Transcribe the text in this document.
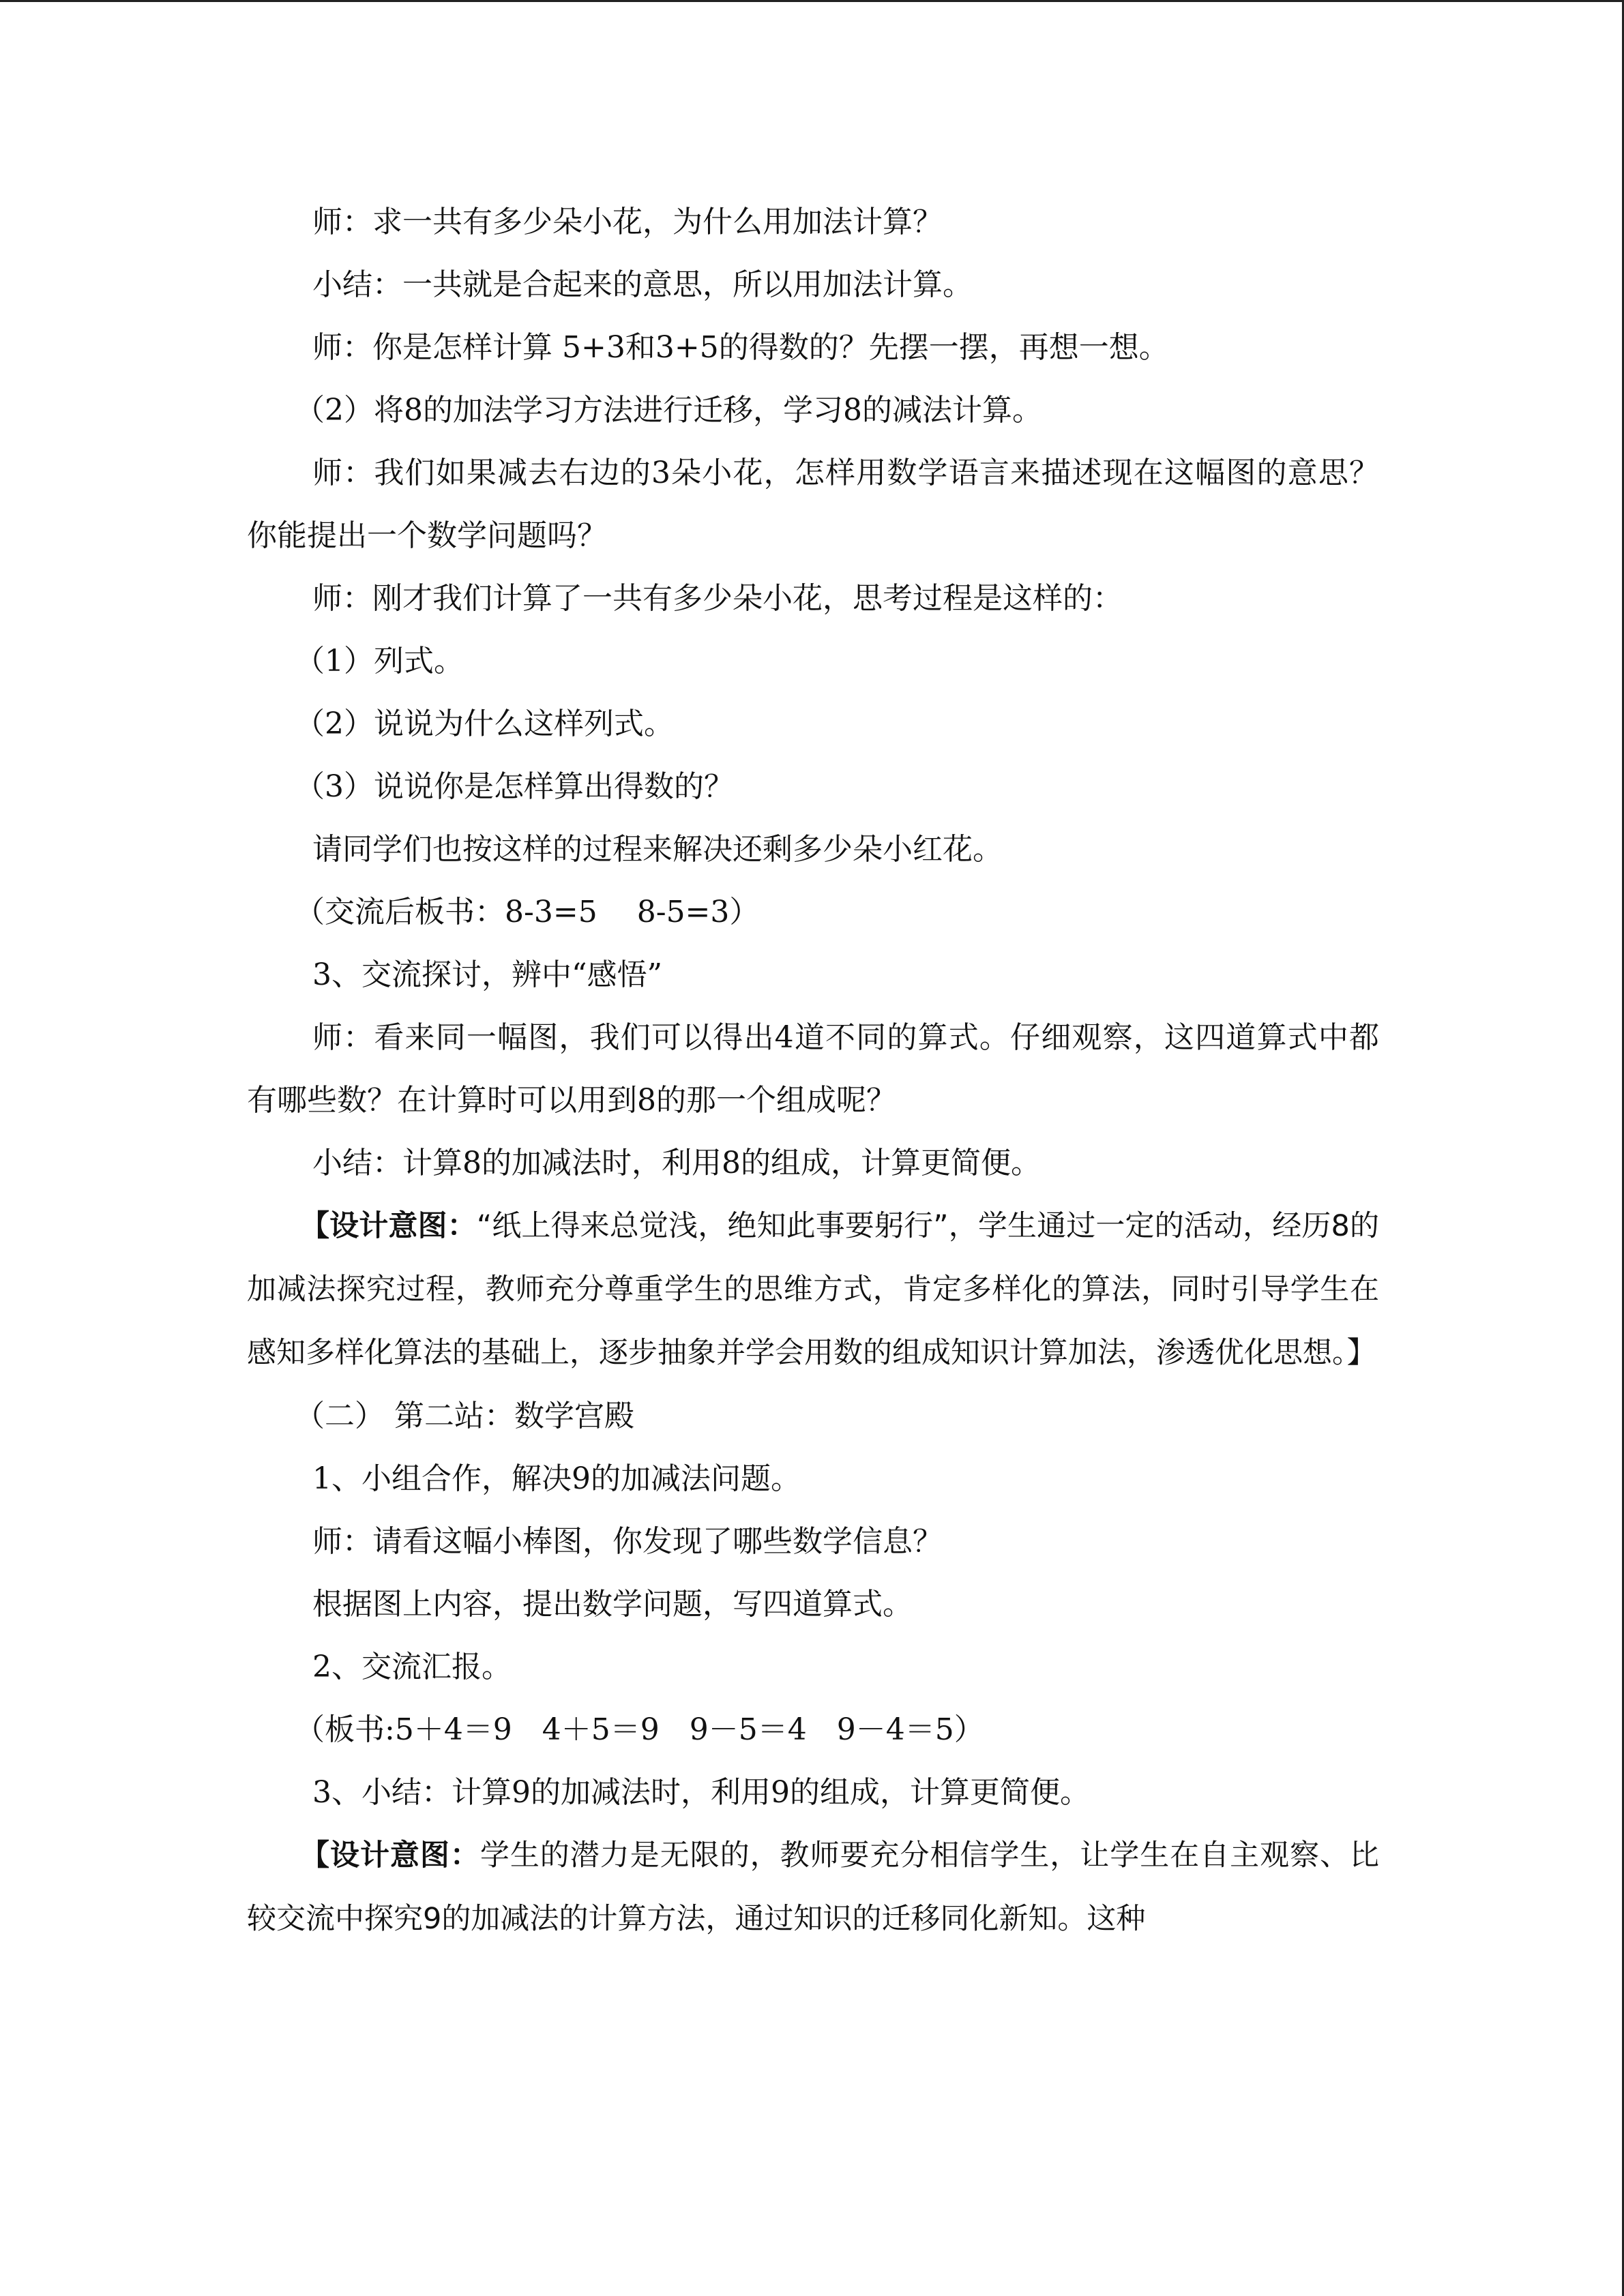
师：求一共有多少朵小花，为什么用加法计算？

小结：一共就是合起来的意思，所以用加法计算。

师：你是怎样计算 5+3和3+5的得数的？先摆一摆，再想一想。

（2）将8的加法学习方法进行迁移，学习8的减法计算。

师：我们如果减去右边的3朵小花，怎样用数学语言来描述现在这幅图的意思？你能提出一个数学问题吗？

师：刚才我们计算了一共有多少朵小花，思考过程是这样的：

（1）列式。

（2）说说为什么这样列式。

（3）说说你是怎样算出得数的？

请同学们也按这样的过程来解决还剩多少朵小红花。

（交流后板书：8-3=5　 8-5=3）

3、交流探讨，辨中“感悟”

师：看来同一幅图，我们可以得出4道不同的算式。仔细观察，这四道算式中都有哪些数？在计算时可以用到8的那一个组成呢？

小结：计算8的加减法时，利用8的组成，计算更简便。

【设计意图：“纸上得来总觉浅，绝知此事要躬行”，学生通过一定的活动，经历8的加减法探究过程，教师充分尊重学生的思维方式，肯定多样化的算法，同时引导学生在感知多样化算法的基础上，逐步抽象并学会用数的组成知识计算加法，渗透优化思想。】

（二） 第二站：数学宫殿

1、小组合作，解决9的加减法问题。

师：请看这幅小棒图，你发现了哪些数学信息？

根据图上内容，提出数学问题，写四道算式。

2、交流汇报。

（板书:5＋4＝9　4＋5＝9　9－5＝4　9－4＝5）

3、小结：计算9的加减法时，利用9的组成，计算更简便。

【设计意图：学生的潜力是无限的，教师要充分相信学生，让学生在自主观察、比较交流中探究9的加减法的计算方法，通过知识的迁移同化新知。这种
